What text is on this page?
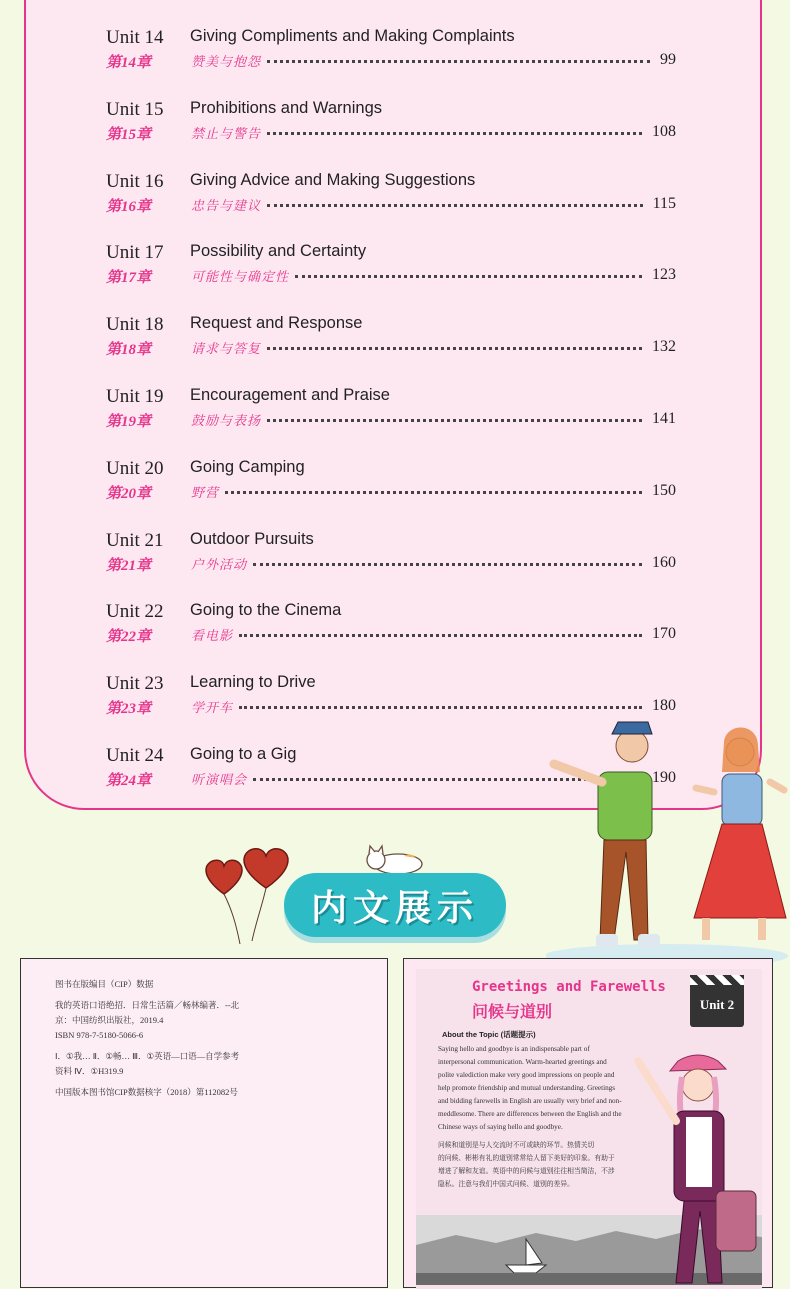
Unit 14
第14章
Giving Compliments and Making Complaints
赞美与抱怨	99
Unit 15
第15章
Prohibitions and Warnings
禁止与警告	108
Unit 16
第16章
Giving Advice and Making Suggestions
忠告与建议	115
Unit 17
第17章
Possibility and Certainty
可能性与确定性	123
Unit 18
第18章
Request and Response
请求与答复	132
Unit 19
第19章
Encouragement and Praise
鼓励与表扬	141
Unit 20
第20章
Going Camping
野营	150
Unit 21
第21章
Outdoor Pursuits
户外活动	160
Unit 22
第22章
Going to the Cinema
看电影	170
Unit 23
第23章
Learning to Drive
学开车	180
Unit 24
第24章
Going to a Gig
听演唱会	190
内文展示
图书在版编目（CIP）数据
我的英语口语绝招．日常生活篇／畅林编著．--北
京：中国纺织出版社，2019.4
ISBN 978-7-5180-5066-6
Ⅰ．①我… Ⅱ．①畅… Ⅲ．①英语—口语—自学参考
资料 Ⅳ．①H319.9
中国版本图书馆CIP数据核字（2018）第112082号
Greetings and Farewells
问候与道别	Unit 2
About the Topic (话题提示)
Saying hello and goodbye is an indispensable part of
interpersonal communication. Warm-hearted greetings and
polite valediction make very good impressions on people and
help promote friendship and mutual understanding. Greetings
and bidding farewells in English are usually very brief and non-
meddlesome. There are differences between the English and the
Chinese ways of saying hello and goodbye.
问候和道别是与人交流时不可或缺的环节。热情关切
的问候、彬彬有礼的道别常常给人留下美好的印象。有助于
增进了解和友谊。英语中的问候与道别往往相当简洁，不涉
隐私。注意与我们中国式问候、道别的差异。
